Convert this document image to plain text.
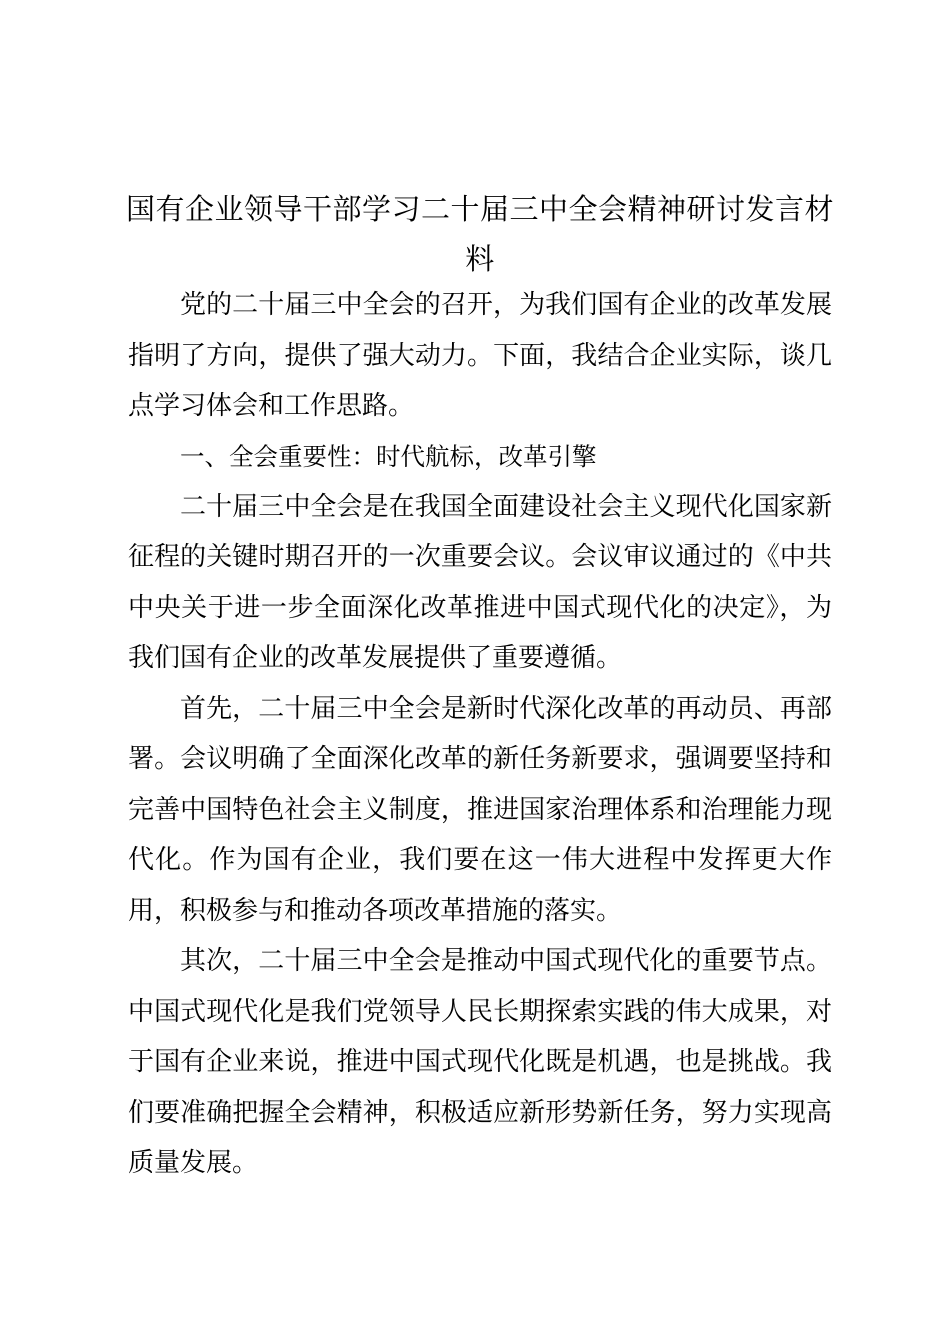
国有企业领导干部学习二十届三中全会精神研讨发言材料

党的二十届三中全会的召开，为我们国有企业的改革发展指明了方向，提供了强大动力。下面，我结合企业实际，谈几点学习体会和工作思路。

一、全会重要性：时代航标，改革引擎

二十届三中全会是在我国全面建设社会主义现代化国家新征程的关键时期召开的一次重要会议。会议审议通过的《中共中央关于进一步全面深化改革推进中国式现代化的决定》，为我们国有企业的改革发展提供了重要遵循。

首先，二十届三中全会是新时代深化改革的再动员、再部署。会议明确了全面深化改革的新任务新要求，强调要坚持和完善中国特色社会主义制度，推进国家治理体系和治理能力现代化。作为国有企业，我们要在这一伟大进程中发挥更大作用，积极参与和推动各项改革措施的落实。

其次，二十届三中全会是推动中国式现代化的重要节点。中国式现代化是我们党领导人民长期探索实践的伟大成果，对于国有企业来说，推进中国式现代化既是机遇，也是挑战。我们要准确把握全会精神，积极适应新形势新任务，努力实现高质量发展。
